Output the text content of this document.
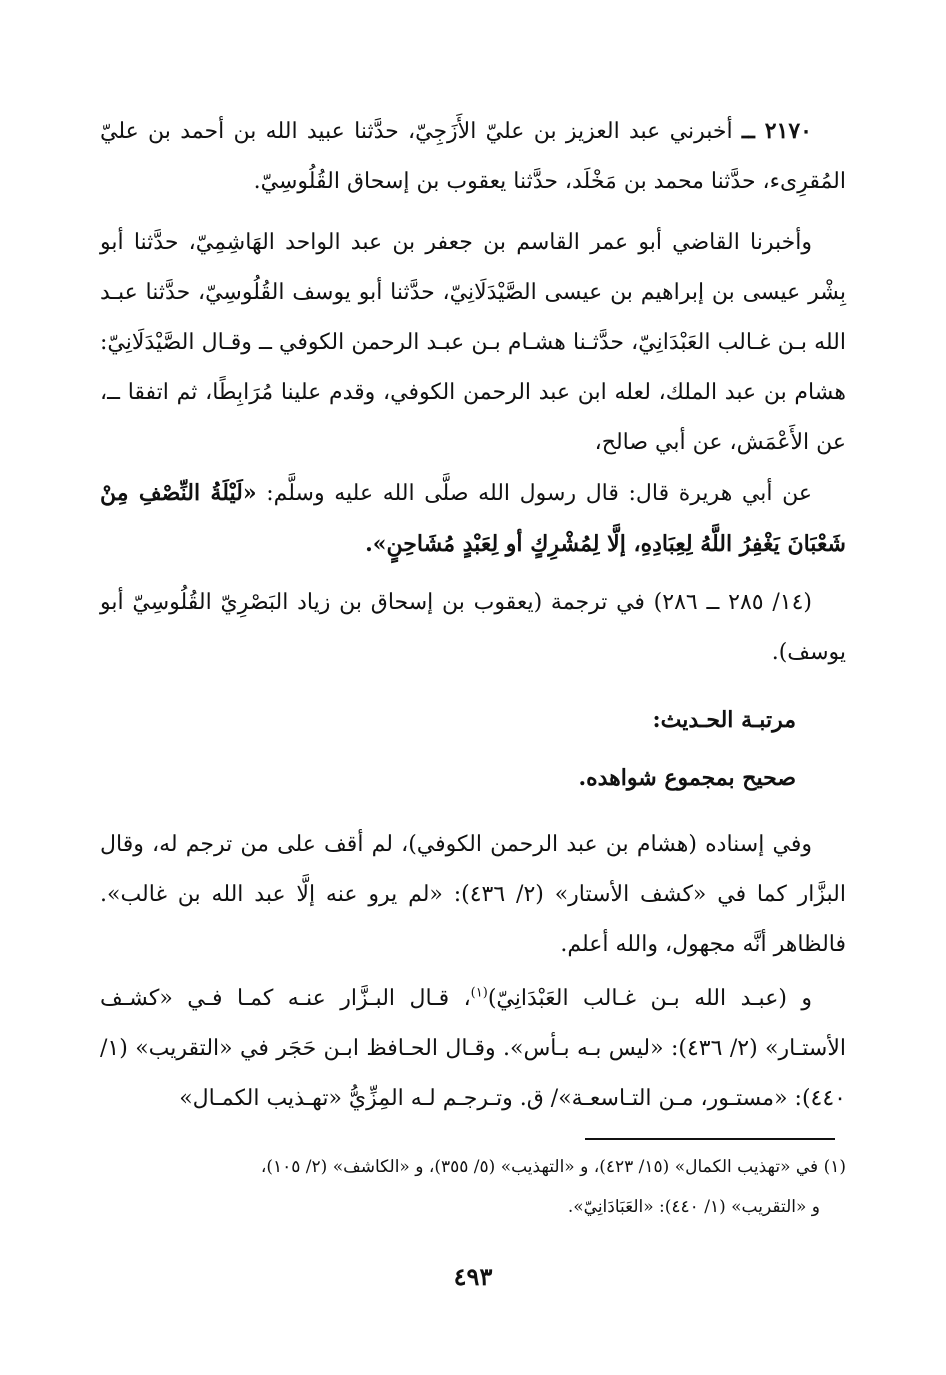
٢١٧٠ ــ أخبرني عبد العزيز بن عليّ الأَزَجِيّ، حدَّثنا عبيد الله بن أحمد بن عليّ المُقرِىء، حدَّثنا محمد بن مَخْلَد، حدَّثنا يعقوب بن إسحاق القُلُوسِيّ.
وأخبرنا القاضي أبو عمر القاسم بن جعفر بن عبد الواحد الهَاشِمِيّ، حدَّثنا أبو بِشْر عيسى بن إبراهيم بن عيسى الصَّيْدَلَانِيّ، حدَّثنا أبو يوسف القُلُوسِيّ، حدَّثنا عبـد الله بـن غـالب العَبْدَانِيّ، حدَّثـنا هشـام بـن عبـد الرحمن الكوفي ــ وقـال الصَّيْدَلَانِيّ: هشام بن عبد الملك، لعله ابن عبد الرحمن الكوفي، وقدم علينا مُرَابِطًا، ثم اتفقا ــ، عن الأَعْمَش، عن أبي صالح،
عن أبي هريرة قال: قال رسول الله صلَّى الله عليه وسلَّم: «لَيْلَةُ النِّصْفِ مِنْ شَعْبَانَ يَغْفِرُ اللَّهُ لِعِبَادِهِ، إلَّا لِمُشْرِكٍ أو لِعَبْدٍ مُشَاحِنٍ».
(١٤/ ٢٨٥ ــ ٢٨٦) في ترجمة (يعقوب بن إسحاق بن زياد البَصْرِيّ القُلُوسِيّ أبو يوسف).
مرتبـة الحـديث:
صحيح بمجموع شواهده.
وفي إسناده (هشام بن عبد الرحمن الكوفي)، لم أقف على من ترجم له، وقال البزَّار كما في «كشف الأستار» (٢/ ٤٣٦): «لم يرو عنه إلَّا عبد الله بن غالب». فالظاهر أنَّه مجهول، والله أعلم.
و (عبـد الله بـن غـالب العَبْدَانِيّ)$^{(١)}$، قـال البـزَّار عنـه كمـا فـي «كشـف الأستـار» (٢/ ٤٣٦): «ليس بـه بـأس». وقـال الحـافظ ابـن حَجَر في «التقريب» (١/ ٤٤٠): «مستـور، مـن التـاسعـة»/ ق. وتـرجـم لـه المِزِّيُّ «تهـذيب الكمـال»
(١) في «تهذيب الكمال» (١٥/ ٤٢٣)، و «التهذيب» (٥/ ٣٥٥)، و «الكاشف» (٢/ ١٠٥)،
و «التقريب» (١/ ٤٤٠): «العَبَادَانِيّ».
٤٩٣
